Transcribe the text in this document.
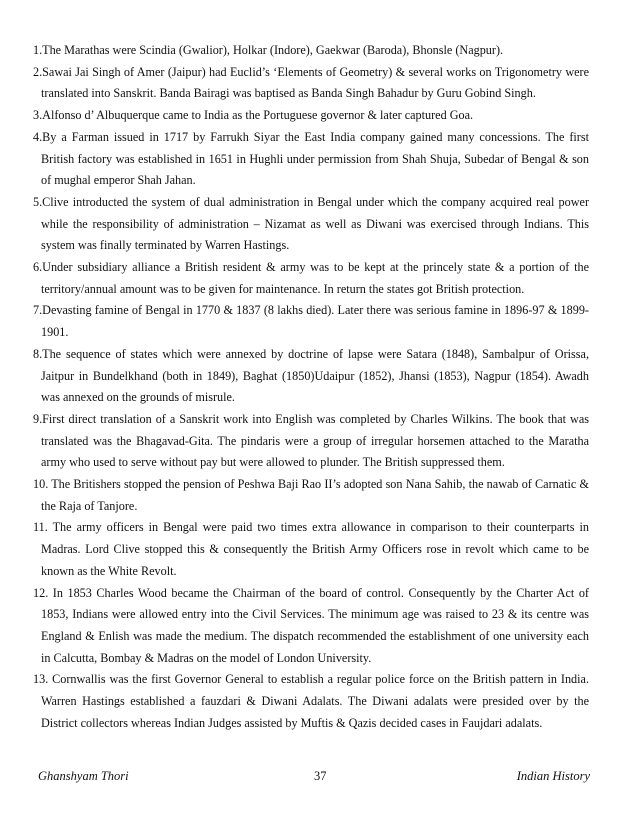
1.The Marathas were Scindia (Gwalior), Holkar (Indore), Gaekwar (Baroda), Bhonsle (Nagpur).

2.Sawai Jai Singh of Amer (Jaipur) had Euclid’s ‘Elements of Geometry) & several works on Trigonometry were translated into Sanskrit. Banda Bairagi was baptised as Banda Singh Bahadur by Guru Gobind Singh.

3.Alfonso d’ Albuquerque came to India as the Portuguese governor & later captured Goa.

4.By a Farman issued in 1717 by Farrukh Siyar the East India company gained many concessions. The first British factory was established in 1651 in Hughli under permission from Shah Shuja, Subedar of Bengal & son of mughal emperor Shah Jahan.

5.Clive introducted the system of dual administration in Bengal under which the company acquired real power while the responsibility of administration – Nizamat as well as Diwani was exercised through Indians. This system was finally terminated by Warren Hastings.

6.Under subsidiary alliance a British resident & army was to be kept at the princely state & a portion of the territory/annual amount was to be given for maintenance. In return the states got British protection.

7.Devasting famine of Bengal in 1770 & 1837 (8 lakhs died). Later there was serious famine in 1896-97 & 1899-1901.

8.The sequence of states which were annexed by doctrine of lapse were Satara (1848), Sambalpur of Orissa, Jaitpur in Bundelkhand (both in 1849), Baghat (1850)Udaipur (1852), Jhansi (1853), Nagpur (1854). Awadh was annexed on the grounds of misrule.

9.First direct translation of a Sanskrit work into English was completed by Charles Wilkins. The book that was translated was the Bhagavad-Gita. The pindaris were a group of irregular horsemen attached to the Maratha army who used to serve without pay but were allowed to plunder. The British suppressed them.

10. The Britishers stopped the pension of Peshwa Baji Rao II’s adopted son Nana Sahib, the nawab of Carnatic & the Raja of Tanjore.

11. The army officers in Bengal were paid two times extra allowance in comparison to their counterparts in Madras. Lord Clive stopped this & consequently the British Army Officers rose in revolt which came to be known as the White Revolt.

12. In 1853 Charles Wood became the Chairman of the board of control. Consequently by the Charter Act of 1853, Indians were allowed entry into the Civil Services. The minimum age was raised to 23 & its centre was England & Enlish was made the medium. The dispatch recommended the establishment of one university each in Calcutta, Bombay & Madras on the model of London University.

13. Cornwallis was the first Governor General to establish a regular police force on the British pattern in India. Warren Hastings established a fauzdari & Diwani Adalats. The Diwani adalats were presided over by the District collectors whereas Indian Judges assisted by Muftis & Qazis decided cases in Faujdari adalats.

Ghanshyam Thori	37	Indian History
